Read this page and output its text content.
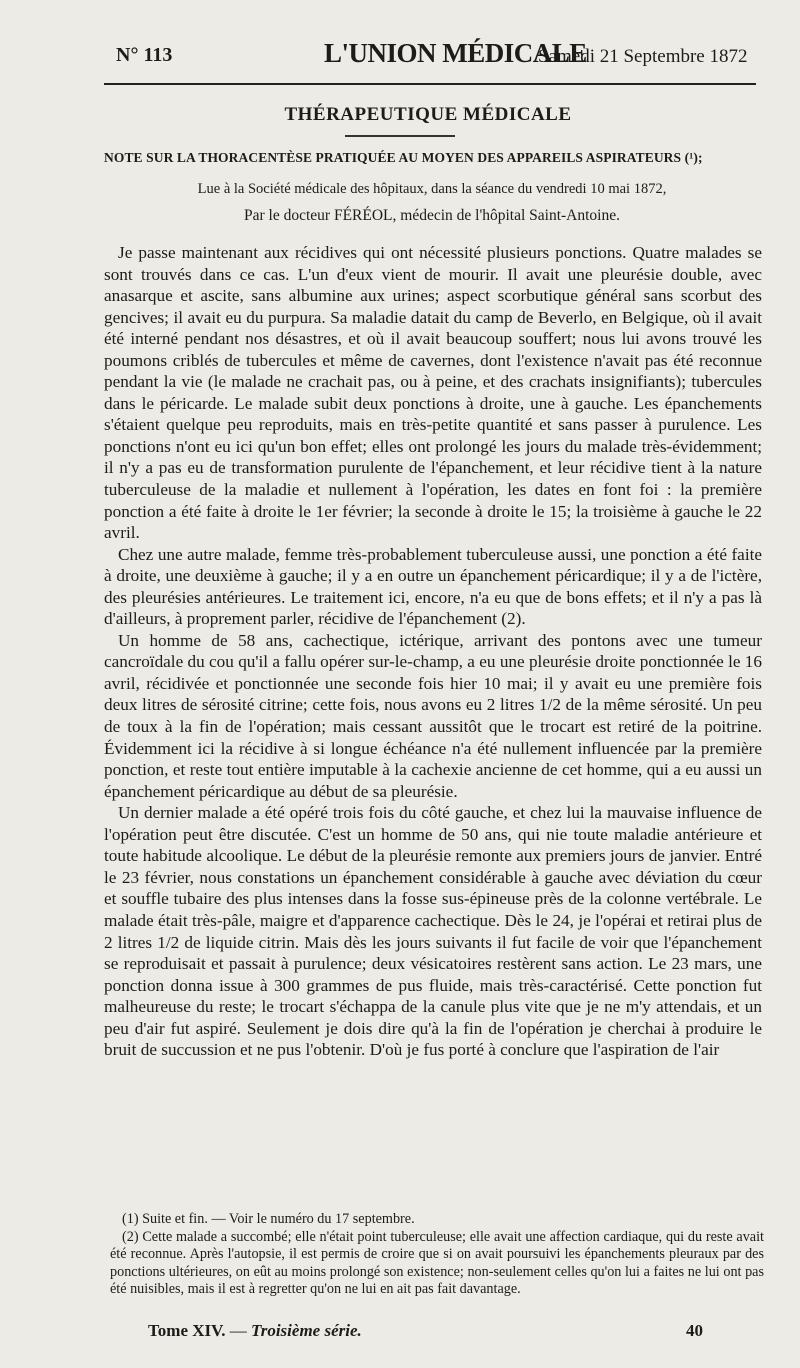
N° 113	L'UNION MÉDICALE
Samedi 21 Septembre 1872
THÉRAPEUTIQUE MÉDICALE
NOTE SUR LA THORACENTÈSE PRATIQUÉE AU MOYEN DES APPAREILS ASPIRATEURS (¹);
Lue à la Société médicale des hôpitaux, dans la séance du vendredi 10 mai 1872,
Par le docteur FÉRÉOL, médecin de l'hôpital Saint-Antoine.

Je passe maintenant aux récidives qui ont nécessité plusieurs ponctions. Quatre malades se sont trouvés dans ce cas. L'un d'eux vient de mourir. Il avait une pleurésie double, avec anasarque et ascite, sans albumine aux urines; aspect scorbutique général sans scorbut des gencives; il avait eu du purpura. Sa maladie datait du camp de Beverlo, en Belgique, où il avait été interné pendant nos désastres, et où il avait beaucoup souffert; nous lui avons trouvé les poumons criblés de tubercules et même de cavernes, dont l'existence n'avait pas été reconnue pendant la vie (le malade ne crachait pas, ou à peine, et des crachats insignifiants); tubercules dans le péricarde. Le malade subit deux ponctions à droite, une à gauche. Les épanchements s'étaient quelque peu reproduits, mais en très-petite quantité et sans passer à purulence. Les ponctions n'ont eu ici qu'un bon effet; elles ont prolongé les jours du malade très-évidemment; il n'y a pas eu de transformation purulente de l'épanchement, et leur récidive tient à la nature tuberculeuse de la maladie et nullement à l'opération, les dates en font foi : la première ponction a été faite à droite le 1er février; la seconde à droite le 15; la troisième à gauche le 22 avril.

Chez une autre malade, femme très-probablement tuberculeuse aussi, une ponction a été faite à droite, une deuxième à gauche; il y a en outre un épanchement péricardique; il y a de l'ictère, des pleurésies antérieures. Le traitement ici, encore, n'a eu que de bons effets; et il n'y a pas là d'ailleurs, à proprement parler, récidive de l'épanchement (2).

Un homme de 58 ans, cachectique, ictérique, arrivant des pontons avec une tumeur cancroïdale du cou qu'il a fallu opérer sur-le-champ, a eu une pleurésie droite ponctionnée le 16 avril, récidivée et ponctionnée une seconde fois hier 10 mai; il y avait eu une première fois deux litres de sérosité citrine; cette fois, nous avons eu 2 litres 1/2 de la même sérosité. Un peu de toux à la fin de l'opération; mais cessant aussitôt que le trocart est retiré de la poitrine. Évidemment ici la récidive à si longue échéance n'a été nullement influencée par la première ponction, et reste tout entière imputable à la cachexie ancienne de cet homme, qui a eu aussi un épanchement péricardique au début de sa pleurésie.

Un dernier malade a été opéré trois fois du côté gauche, et chez lui la mauvaise influence de l'opération peut être discutée. C'est un homme de 50 ans, qui nie toute maladie antérieure et toute habitude alcoolique. Le début de la pleurésie remonte aux premiers jours de janvier. Entré le 23 février, nous constations un épanchement considérable à gauche avec déviation du cœur et souffle tubaire des plus intenses dans la fosse sus-épineuse près de la colonne vertébrale. Le malade était très-pâle, maigre et d'apparence cachectique. Dès le 24, je l'opérai et retirai plus de 2 litres 1/2 de liquide citrin. Mais dès les jours suivants il fut facile de voir que l'épanchement se reproduisait et passait à purulence; deux vésicatoires restèrent sans action. Le 23 mars, une ponction donna issue à 300 grammes de pus fluide, mais très-caractérisé. Cette ponction fut malheureuse du reste; le trocart s'échappa de la canule plus vite que je ne m'y attendais, et un peu d'air fut aspiré. Seulement je dois dire qu'à la fin de l'opération je cherchai à produire le bruit de succussion et ne pus l'obtenir. D'où je fus porté à conclure que l'aspiration de l'air

(1) Suite et fin. — Voir le numéro du 17 septembre.

(2) Cette malade a succombé; elle n'était point tuberculeuse; elle avait une affection cardiaque, qui du reste avait été reconnue. Après l'autopsie, il est permis de croire que si on avait poursuivi les épanchements pleuraux par des ponctions ultérieures, on eût au moins prolongé son existence; non-seulement celles qu'on lui a faites ne lui ont pas été nuisibles, mais il est à regretter qu'on ne lui en ait pas fait davantage.

Tome XIV. — Troisième série.	40
